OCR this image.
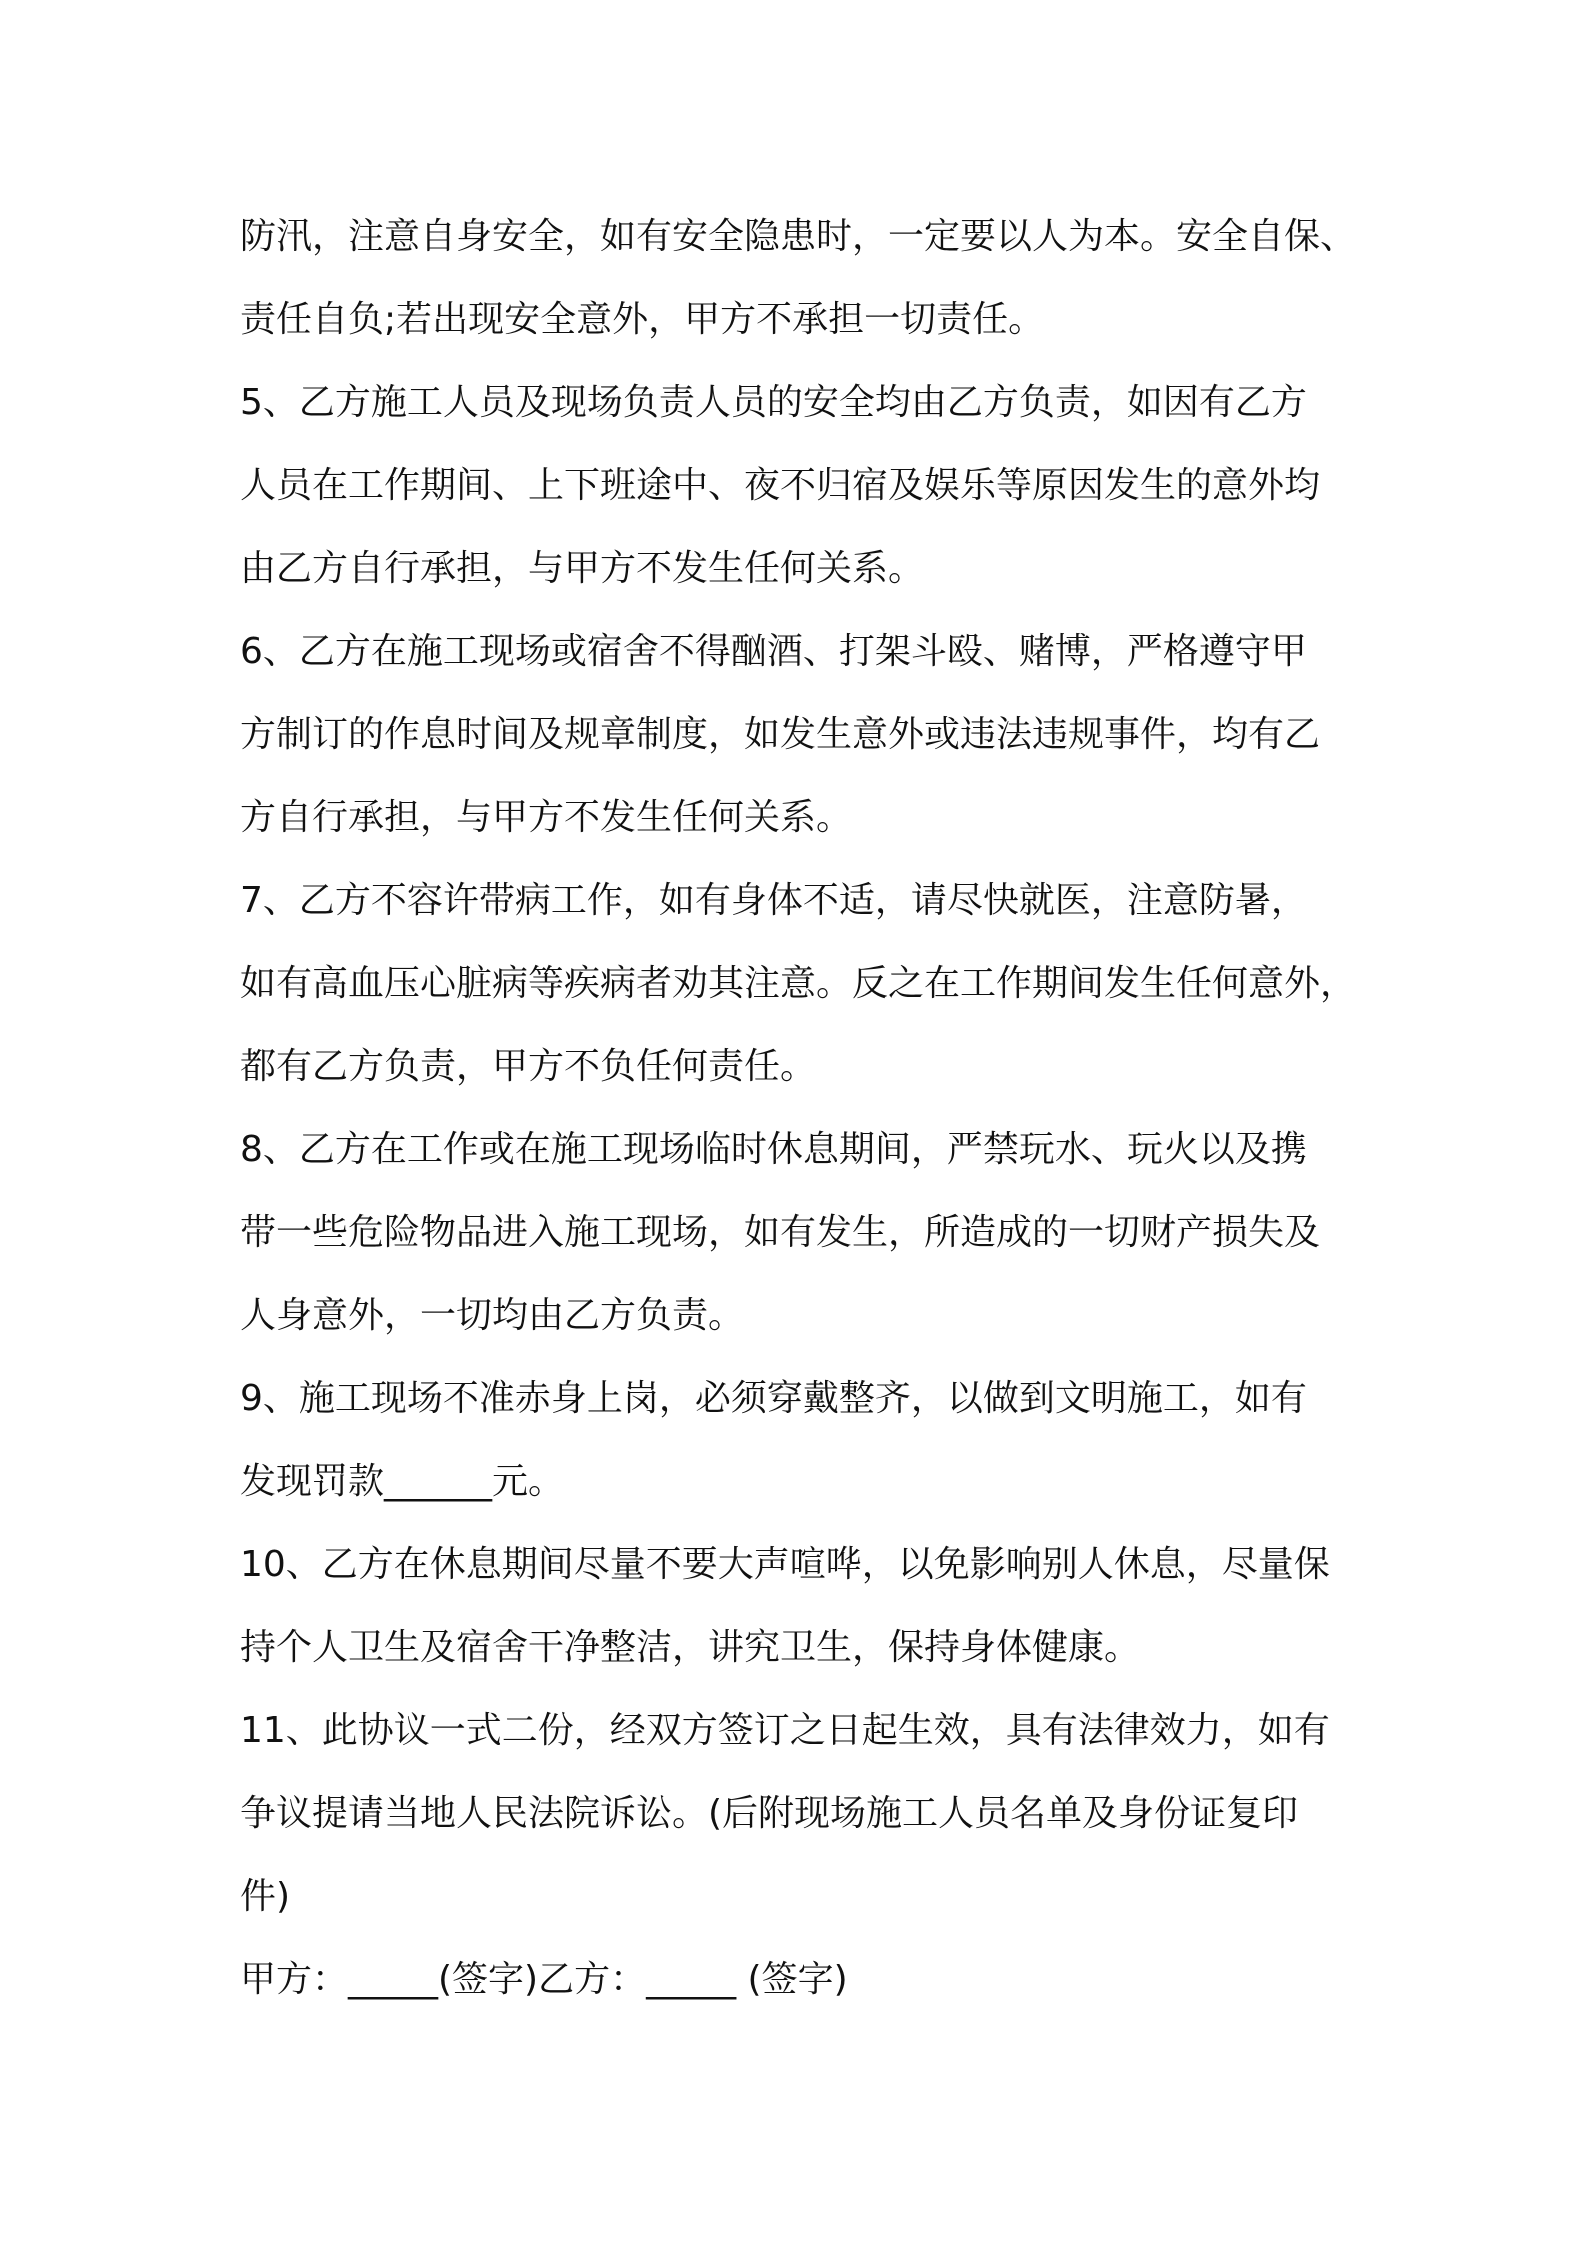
防汛，注意自身安全，如有安全隐患时，一定要以人为本。安全自保、
责任自负;若出现安全意外，甲方不承担一切责任。
5、乙方施工人员及现场负责人员的安全均由乙方负责，如因有乙方
人员在工作期间、上下班途中、夜不归宿及娱乐等原因发生的意外均
由乙方自行承担，与甲方不发生任何关系。
6、乙方在施工现场或宿舍不得酗酒、打架斗殴、赌博，严格遵守甲
方制订的作息时间及规章制度，如发生意外或违法违规事件，均有乙
方自行承担，与甲方不发生任何关系。
7、乙方不容许带病工作，如有身体不适，请尽快就医，注意防暑，
如有高血压心脏病等疾病者劝其注意。反之在工作期间发生任何意外，
都有乙方负责，甲方不负任何责任。
8、乙方在工作或在施工现场临时休息期间，严禁玩水、玩火以及携
带一些危险物品进入施工现场，如有发生，所造成的一切财产损失及
人身意外，一切均由乙方负责。
9、施工现场不准赤身上岗，必须穿戴整齐，以做到文明施工，如有
发现罚款______元。
10、乙方在休息期间尽量不要大声喧哗，以免影响别人休息，尽量保
持个人卫生及宿舍干净整洁，讲究卫生，保持身体健康。
11、此协议一式二份，经双方签订之日起生效，具有法律效力，如有
争议提请当地人民法院诉讼。(后附现场施工人员名单及身份证复印
件)
甲方：_____(签字)乙方：_____ (签字)
